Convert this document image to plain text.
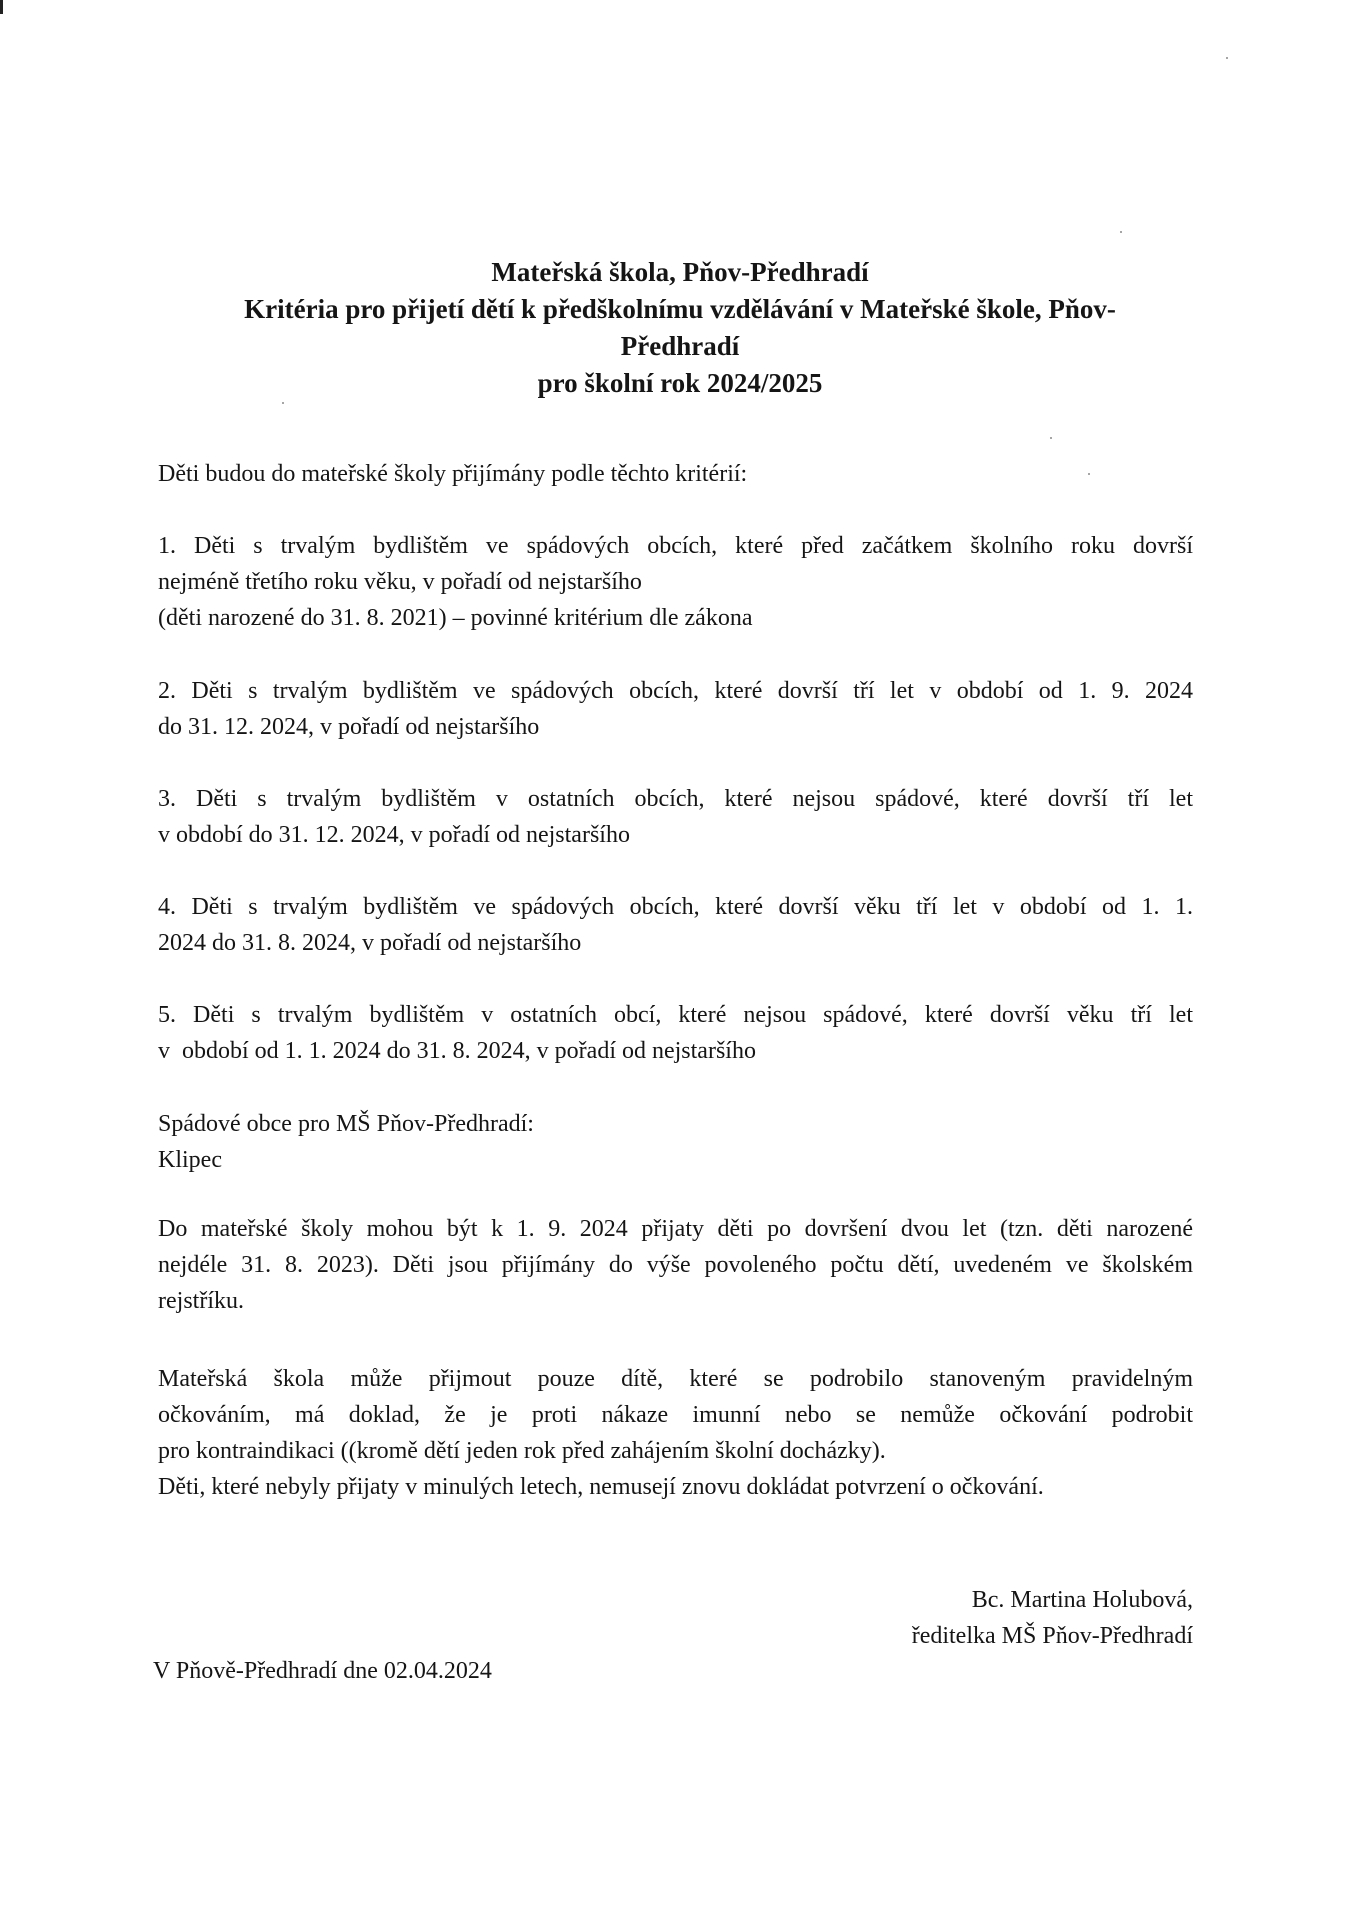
Mateřská škola, Pňov-Předhradí
Kritéria pro přijetí dětí k předškolnímu vzdělávání v Mateřské škole, Pňov-
Předhradí
pro školní rok 2024/2025
Děti budou do mateřské školy přijímány podle těchto kritérií:
1. Děti s trvalým bydlištěm ve spádových obcích, které před začátkem školního roku dovrší
nejméně třetího roku věku, v pořadí od nejstaršího
(děti narozené do 31. 8. 2021) – povinné kritérium dle zákona
2. Děti s trvalým bydlištěm ve spádových obcích, které dovrší tří let v období od 1. 9. 2024
do 31. 12. 2024, v pořadí od nejstaršího
3. Děti s trvalým bydlištěm v ostatních obcích, které nejsou spádové, které dovrší tří let
v období do 31. 12. 2024, v pořadí od nejstaršího
4. Děti s trvalým bydlištěm ve spádových obcích, které dovrší věku tří let v období od 1. 1.
2024 do 31. 8. 2024, v pořadí od nejstaršího
5. Děti s trvalým bydlištěm v ostatních obcí, které nejsou spádové, které dovrší věku tří let
v  období od 1. 1. 2024 do 31. 8. 2024, v pořadí od nejstaršího
Spádové obce pro MŠ Pňov-Předhradí:
Klipec
Do mateřské školy mohou být k 1. 9. 2024 přijaty děti po dovršení dvou let (tzn. děti narozené
nejdéle 31. 8. 2023). Děti jsou přijímány do výše povoleného počtu dětí, uvedeném ve školském
rejstříku.
Mateřská škola může přijmout pouze dítě, které se podrobilo stanoveným pravidelným
očkováním, má doklad, že je proti nákaze imunní nebo se nemůže očkování podrobit
pro kontraindikaci ((kromě dětí jeden rok před zahájením školní docházky).
Děti, které nebyly přijaty v minulých letech, nemusejí znovu dokládat potvrzení o očkování.
Bc. Martina Holubová,
ředitelka MŠ Pňov-Předhradí
V Pňově-Předhradí dne 02.04.2024
